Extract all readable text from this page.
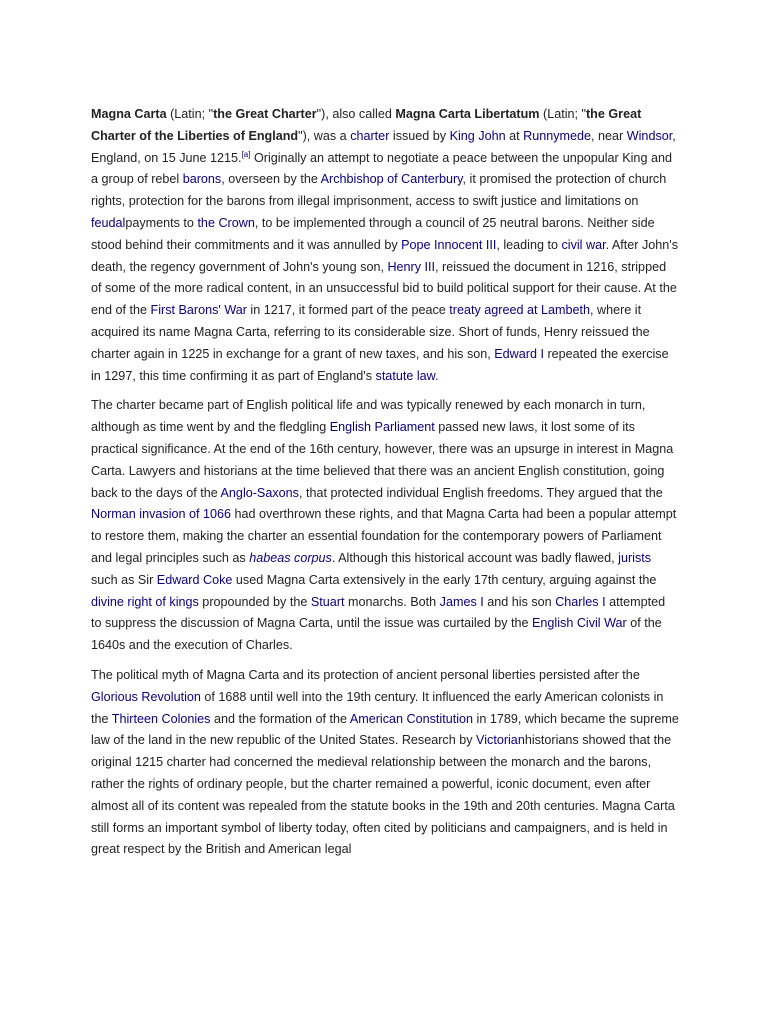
Magna Carta (Latin; "the Great Charter"), also called Magna Carta Libertatum (Latin; "the Great Charter of the Liberties of England"), was a charter issued by King John at Runnymede, near Windsor, England, on 15 June 1215.[a] Originally an attempt to negotiate a peace between the unpopular King and a group of rebel barons, overseen by the Archbishop of Canterbury, it promised the protection of church rights, protection for the barons from illegal imprisonment, access to swift justice and limitations on feudalpayments to the Crown, to be implemented through a council of 25 neutral barons. Neither side stood behind their commitments and it was annulled by Pope Innocent III, leading to civil war. After John's death, the regency government of John's young son, Henry III, reissued the document in 1216, stripped of some of the more radical content, in an unsuccessful bid to build political support for their cause. At the end of the First Barons' War in 1217, it formed part of the peace treaty agreed at Lambeth, where it acquired its name Magna Carta, referring to its considerable size. Short of funds, Henry reissued the charter again in 1225 in exchange for a grant of new taxes, and his son, Edward I repeated the exercise in 1297, this time confirming it as part of England's statute law.

The charter became part of English political life and was typically renewed by each monarch in turn, although as time went by and the fledgling English Parliament passed new laws, it lost some of its practical significance. At the end of the 16th century, however, there was an upsurge in interest in Magna Carta. Lawyers and historians at the time believed that there was an ancient English constitution, going back to the days of the Anglo-Saxons, that protected individual English freedoms. They argued that the Norman invasion of 1066 had overthrown these rights, and that Magna Carta had been a popular attempt to restore them, making the charter an essential foundation for the contemporary powers of Parliament and legal principles such as habeas corpus. Although this historical account was badly flawed, jurists such as Sir Edward Coke used Magna Carta extensively in the early 17th century, arguing against the divine right of kings propounded by the Stuart monarchs. Both James I and his son Charles I attempted to suppress the discussion of Magna Carta, until the issue was curtailed by the English Civil War of the 1640s and the execution of Charles.

The political myth of Magna Carta and its protection of ancient personal liberties persisted after the Glorious Revolution of 1688 until well into the 19th century. It influenced the early American colonists in the Thirteen Colonies and the formation of the American Constitution in 1789, which became the supreme law of the land in the new republic of the United States. Research by Victorianhistorians showed that the original 1215 charter had concerned the medieval relationship between the monarch and the barons, rather the rights of ordinary people, but the charter remained a powerful, iconic document, even after almost all of its content was repealed from the statute books in the 19th and 20th centuries. Magna Carta still forms an important symbol of liberty today, often cited by politicians and campaigners, and is held in great respect by the British and American legal
